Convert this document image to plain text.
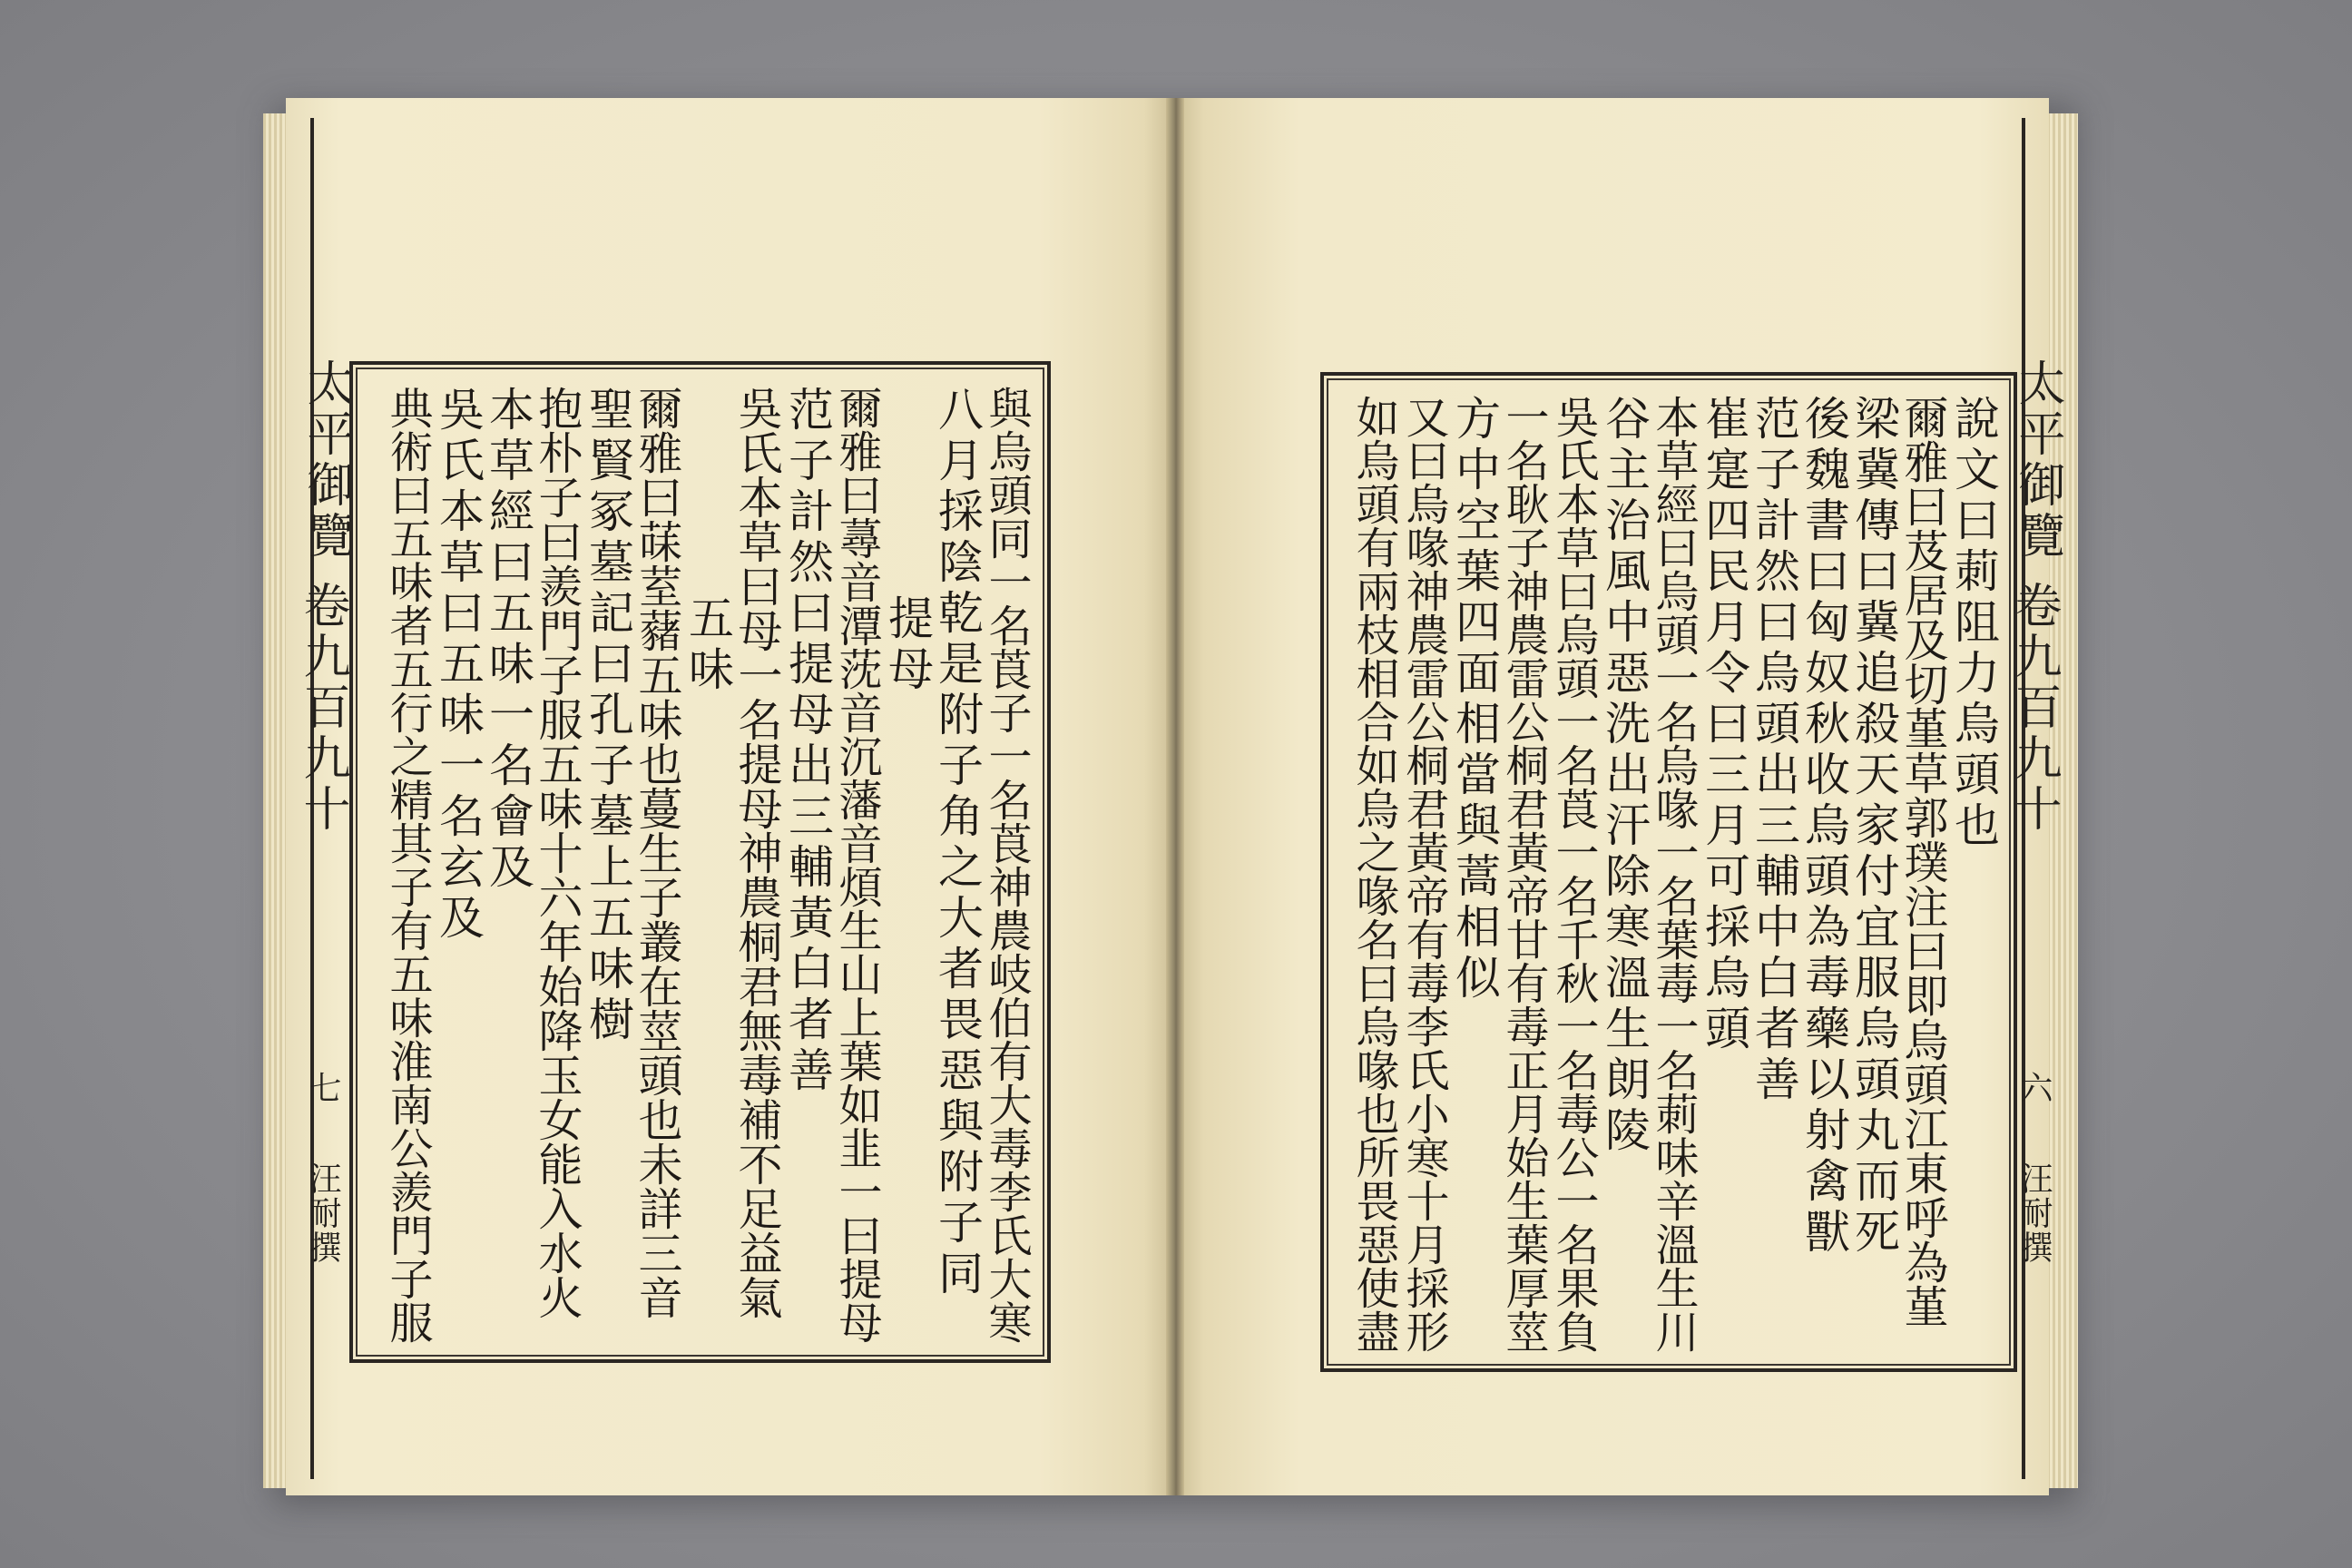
太平御覽
卷九百九十
七
汪耐撰
太平御覽
卷九百九十
六
汪耐撰
與烏頭同一名莨子一名莨神農岐伯有大毒李氏大寒
八月採陰乾是附子角之大者畏惡與附子同
提母
爾雅曰蕁音潭莐音沉藩音煩生山上葉如韭一曰提母
范子計然曰提母出三輔黃白者善
吳氏本草曰母一名提母神農桐君無毒補不足益氣
五味
爾雅曰菋荎藸五味也蔓生子叢在莖頭也未詳三音
聖賢冢墓記曰孔子墓上五味樹
抱朴子曰羨門子服五味十六年始降玉女能入水火
本草經曰五味一名會及
吳氏本草曰五味一名玄及
典術曰五味者五行之精其子有五味淮南公羨門子服	說文曰莿阻力烏頭也
爾雅曰芨居及切堇草郭璞注曰即烏頭江東呼為堇
梁冀傳曰冀追殺天家付宜服烏頭丸而死
後魏書曰匈奴秋收烏頭為毒藥以射禽獸
范子計然曰烏頭出三輔中白者善
崔寔四民月令曰三月可採烏頭
本草經曰烏頭一名烏喙一名葉毒一名莿味辛溫生川
谷主治風中惡洗出汗除寒溫生朗陵
吳氏本草曰烏頭一名莨一名千秋一名毒公一名果負
一名耿子神農雷公桐君黃帝甘有毒正月始生葉厚莖
方中空葉四面相當與蒿相似
又曰烏喙神農雷公桐君黃帝有毒李氏小寒十月採形
如烏頭有兩枝相合如烏之喙名曰烏喙也所畏惡使盡
